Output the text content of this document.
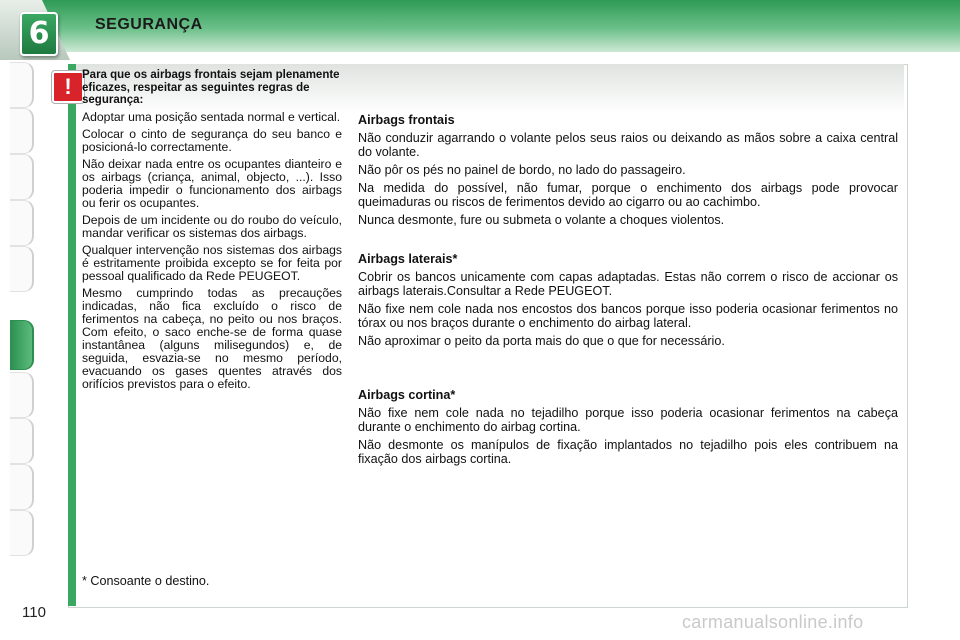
6	SEGURANÇA
110
! Para que os airbags frontais sejam plenamente eficazes, respeitar as seguintes regras de segurança:

Adoptar uma posição sentada normal e vertical.

Colocar o cinto de segurança do seu banco e posicioná-lo correctamente.

Não deixar nada entre os ocupantes dianteiro e os airbags (criança, animal, objecto, ...). Isso poderia impedir o funcionamento dos airbags ou ferir os ocupantes.

Depois de um incidente ou do roubo do veículo, mandar verificar os sistemas dos airbags.

Qualquer intervenção nos sistemas dos airbags é estritamente proibida excepto se for feita por pessoal qualificado da Rede PEUGEOT.

Mesmo cumprindo todas as precauções indicadas, não fica excluído o risco de ferimentos na cabeça, no peito ou nos braços. Com efeito, o saco enche-se de forma quase instantânea (alguns milisegundos) e, de seguida, esvazia-se no mesmo período, evacuando os gases quentes através dos orifícios previstos para o efeito.

Airbags frontais

Não conduzir agarrando o volante pelos seus raios ou deixando as mãos sobre a caixa central do volante.

Não pôr os pés no painel de bordo, no lado do passageiro.

Na medida do possível, não fumar, porque o enchimento dos airbags pode provocar queimaduras ou riscos de ferimentos devido ao cigarro ou ao cachimbo.

Nunca desmonte, fure ou submeta o volante a choques violentos.

Airbags laterais*

Cobrir os bancos unicamente com capas adaptadas. Estas não correm o risco de accionar os airbags laterais.Consultar a Rede PEUGEOT.

Não fixe nem cole nada nos encostos dos bancos porque isso poderia ocasionar ferimentos no tórax ou nos braços durante o enchimento do airbag lateral.

Não aproximar o peito da porta mais do que o que for necessário.

Airbags cortina*

Não fixe nem cole nada no tejadilho porque isso poderia ocasionar ferimentos na cabeça durante o enchimento do airbag cortina.

Não desmonte os manípulos de fixação implantados no tejadilho pois eles contribuem na fixação dos airbags cortina.

* Consoante o destino.
carmanualsonline.info
